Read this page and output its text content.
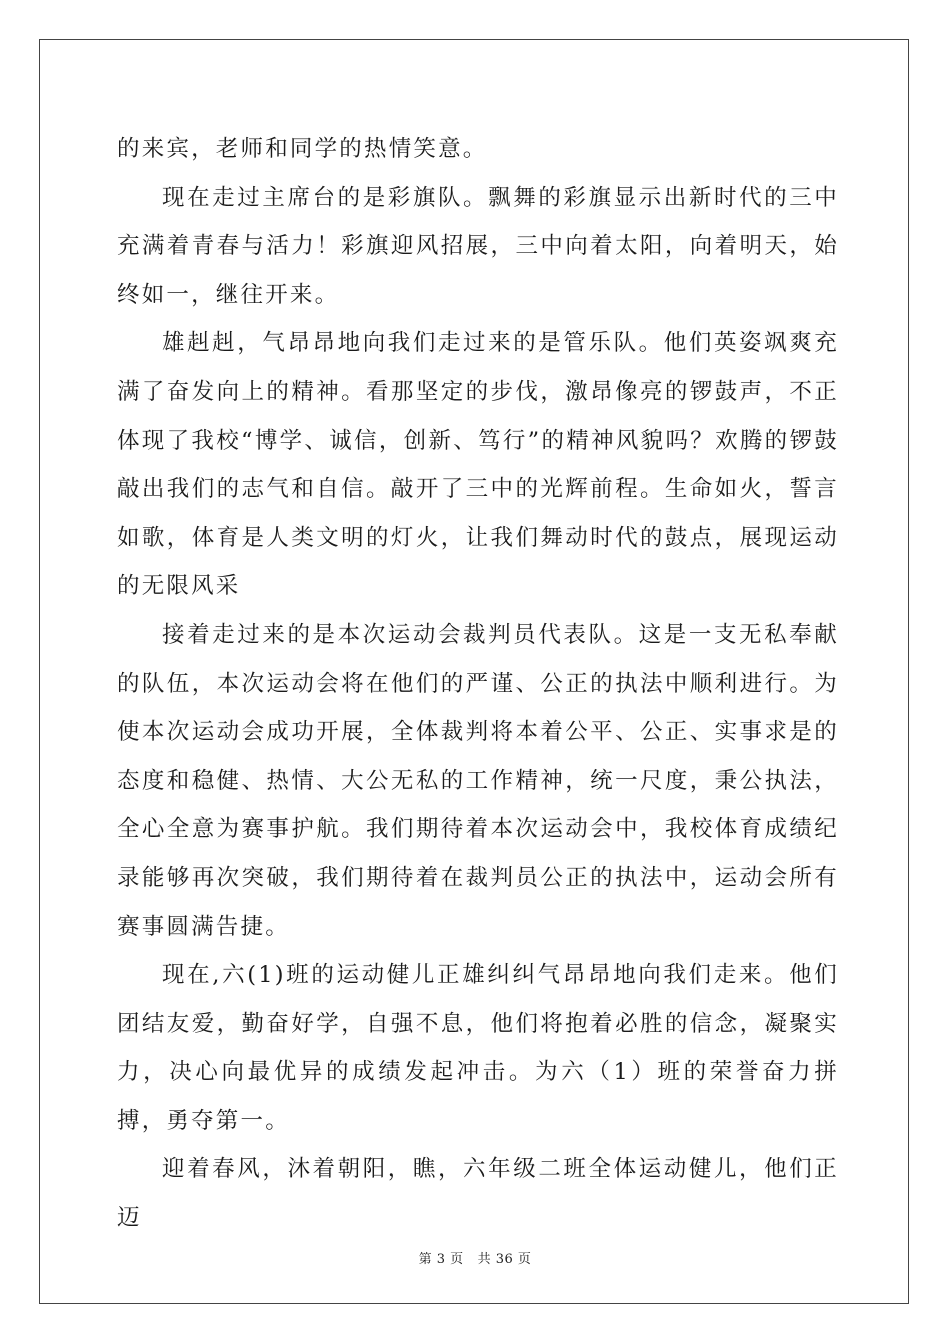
的来宾，老师和同学的热情笑意。

现在走过主席台的是彩旗队。飘舞的彩旗显示出新时代的三中充满着青春与活力！彩旗迎风招展，三中向着太阳，向着明天，始终如一，继往开来。

雄赳赳，气昂昂地向我们走过来的是管乐队。他们英姿飒爽充满了奋发向上的精神。看那坚定的步伐，激昂像亮的锣鼓声，不正体现了我校“博学、诚信，创新、笃行”的精神风貌吗？欢腾的锣鼓敲出我们的志气和自信。敲开了三中的光辉前程。生命如火，誓言如歌，体育是人类文明的灯火，让我们舞动时代的鼓点，展现运动的无限风采

接着走过来的是本次运动会裁判员代表队。这是一支无私奉献的队伍，本次运动会将在他们的严谨、公正的执法中顺利进行。为使本次运动会成功开展，全体裁判将本着公平、公正、实事求是的态度和稳健、热情、大公无私的工作精神，统一尺度，秉公执法，全心全意为赛事护航。我们期待着本次运动会中，我校体育成绩纪录能够再次突破，我们期待着在裁判员公正的执法中，运动会所有赛事圆满告捷。

现在,六(1)班的运动健儿正雄纠纠气昂昂地向我们走来。他们团结友爱，勤奋好学，自强不息，他们将抱着必胜的信念，凝聚实力，决心向最优异的成绩发起冲击。为六（1）班的荣誉奋力拼搏，勇夺第一。

迎着春风，沐着朝阳，瞧，六年级二班全体运动健儿，他们正迈

第 3 页 共 36 页
